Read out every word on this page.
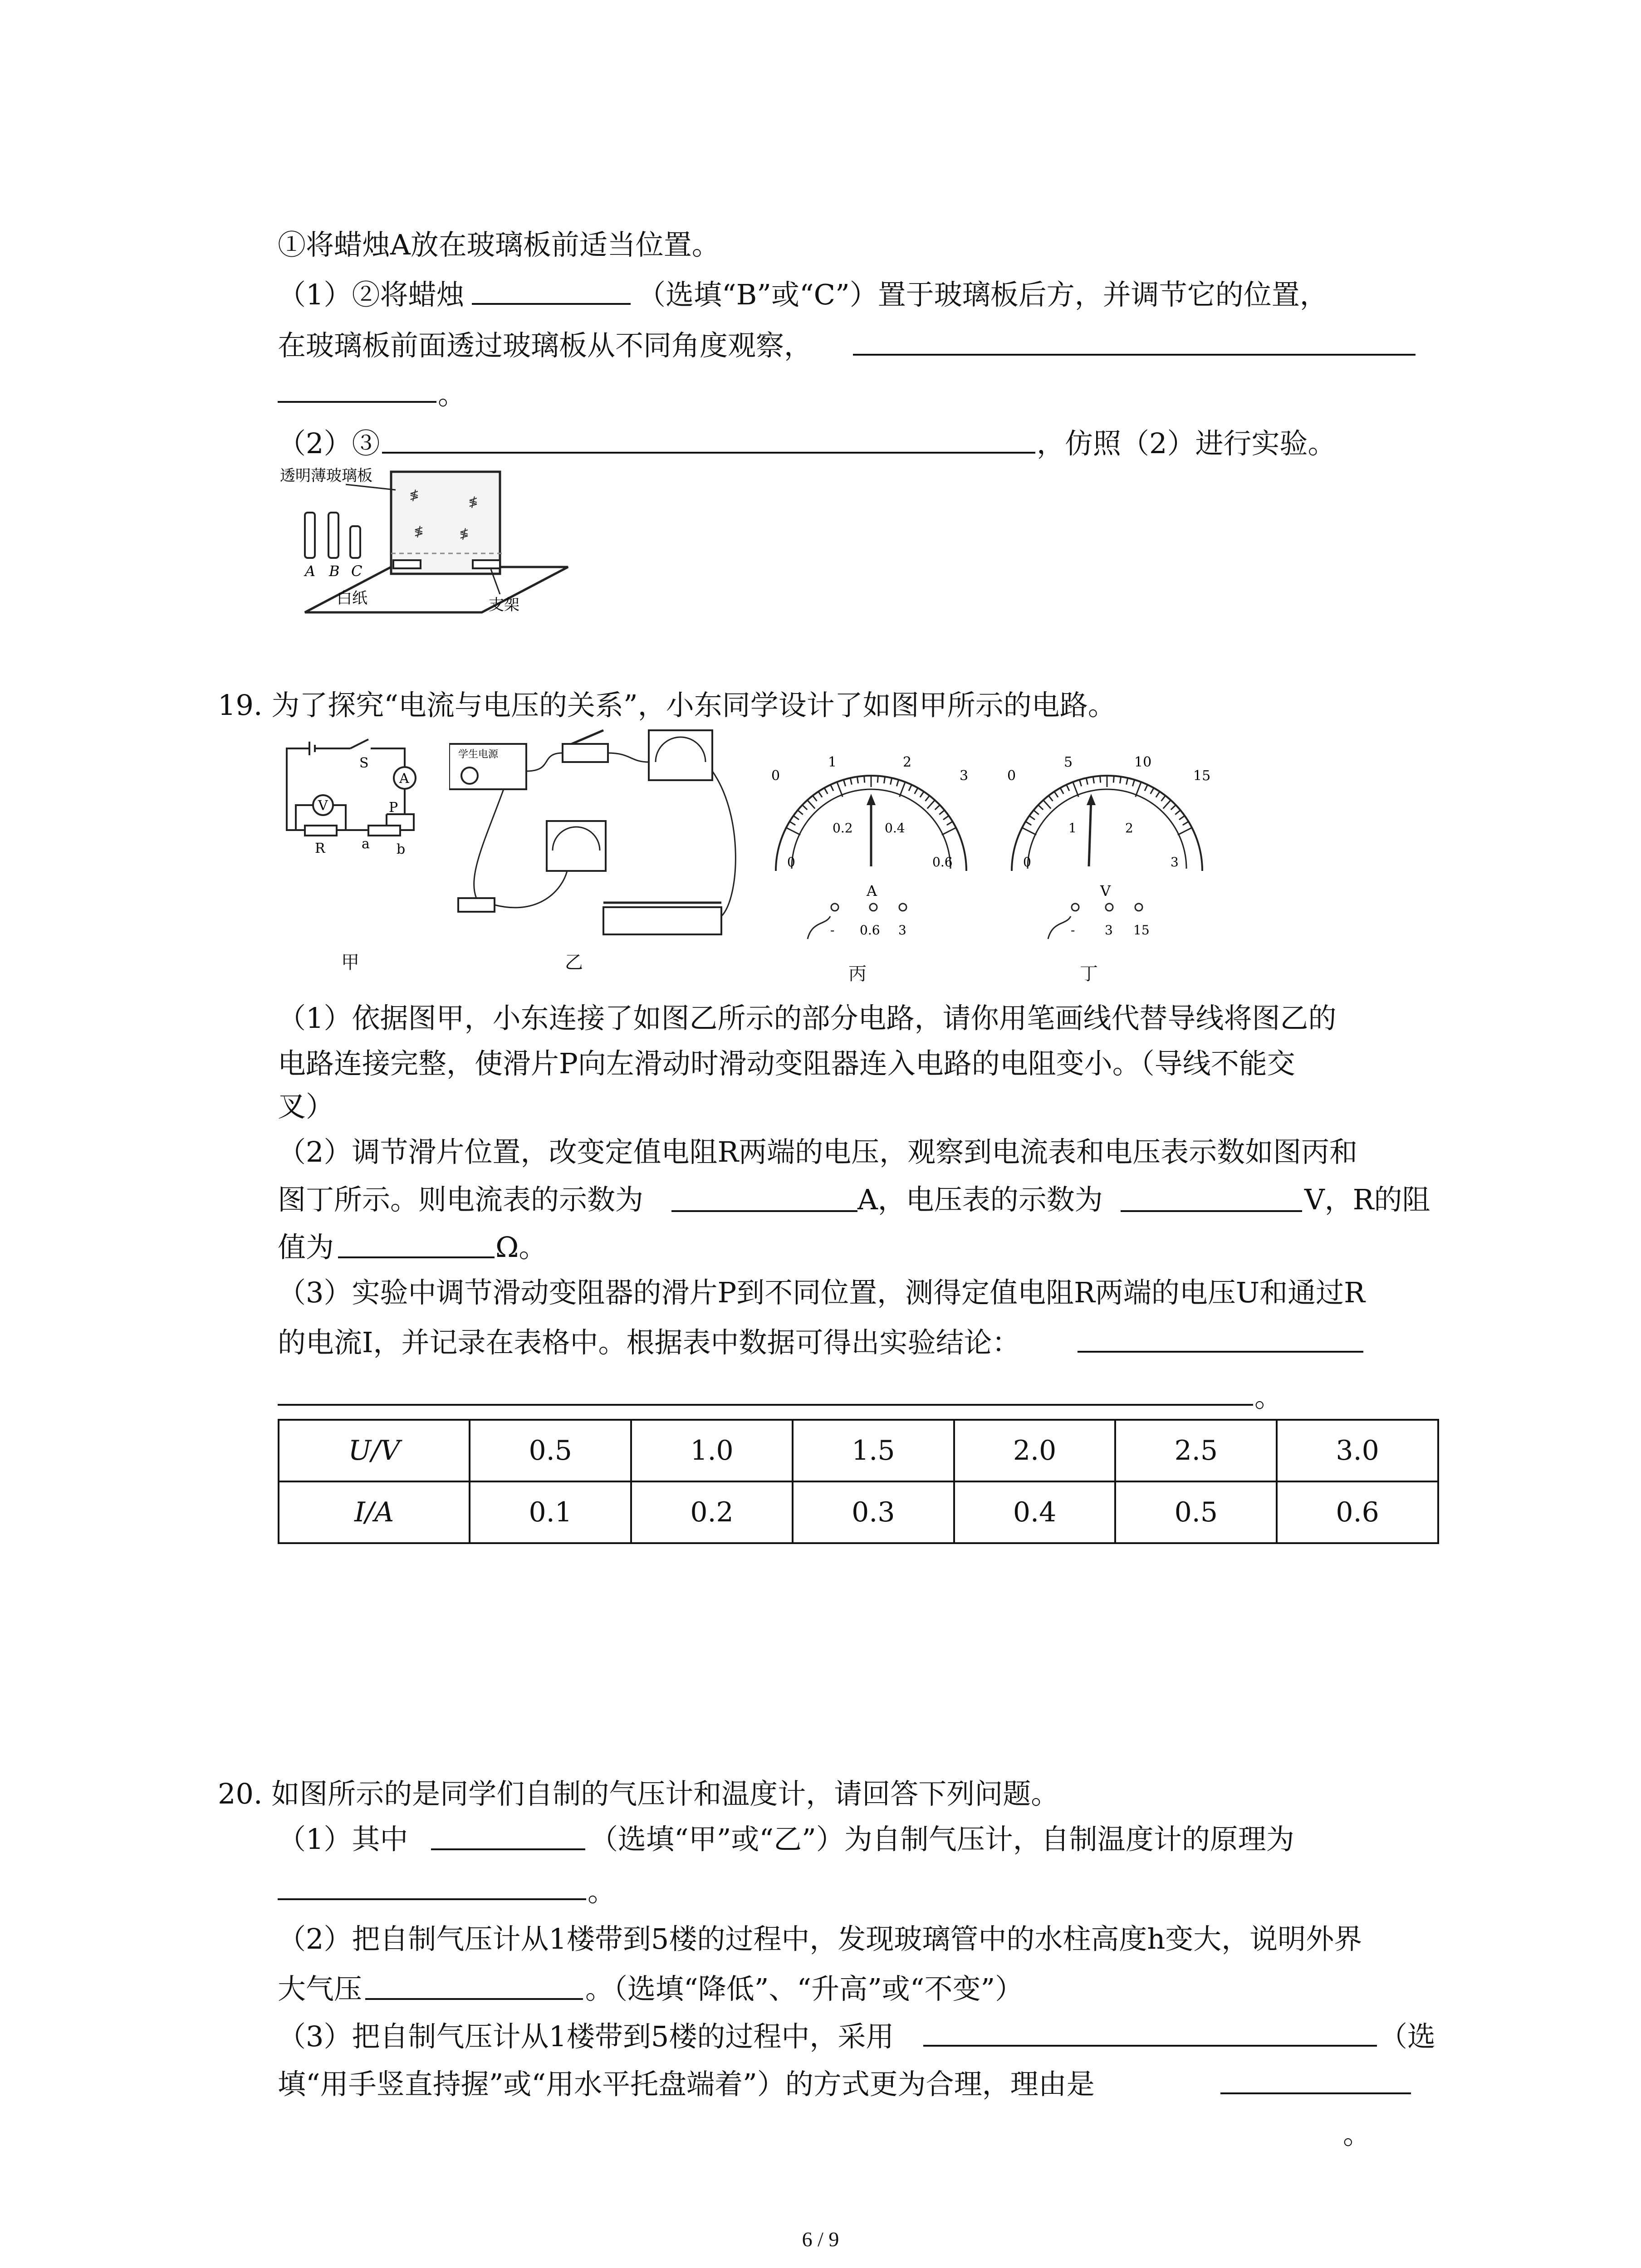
①将蜡烛A放在玻璃板前适当位置。
（1）②将蜡烛	（选填“B”或“C”）置于玻璃板后方，并调节它的位置，
在玻璃板前面透过玻璃板从不同角度观察，
。
（2）③	，仿照（2）进行实验。
≸	≸
≸	≸
透明薄玻璃板
A B C
白纸	支架
19. 为了探究“电流与电压的关系”，小东同学设计了如图甲所示的电路。
S
A
V
R
P
a b
学生电源
0
1	2
3
0
0.2	0.4
0.6
A
- 0.6 3
0
5	10
15
0
1	2
3
V
- 3 15
甲	乙
丙	丁
（1）依据图甲，小东连接了如图乙所示的部分电路，请你用笔画线代替导线将图乙的
电路连接完整，使滑片P向左滑动时滑动变阻器连入电路的电阻变小。（导线不能交
叉）
（2）调节滑片位置，改变定值电阻R两端的电压，观察到电流表和电压表示数如图丙和
图丁所示。则电流表的示数为	A，电压表的示数为	V，R的阻
值为	Ω。
（3）实验中调节滑动变阻器的滑片P到不同位置，测得定值电阻R两端的电压U和通过R
的电流I，并记录在表格中。根据表中数据可得出实验结论：
。
U/V	0.5	1.0	1.5	2.0	2.5	3.0
I/A	0.1	0.2	0.3	0.4	0.5	0.6
20. 如图所示的是同学们自制的气压计和温度计，请回答下列问题。
（1）其中	（选填“甲”或“乙”）为自制气压计，自制温度计的原理为
。
（2）把自制气压计从1楼带到5楼的过程中，发现玻璃管中的水柱高度h变大，说明外界
大气压	。（选填“降低”、“升高”或“不变”）
（3）把自制气压计从1楼带到5楼的过程中，采用	（选
填“用手竖直持握”或“用水平托盘端着”）的方式更为合理，理由是
。
6 / 9
